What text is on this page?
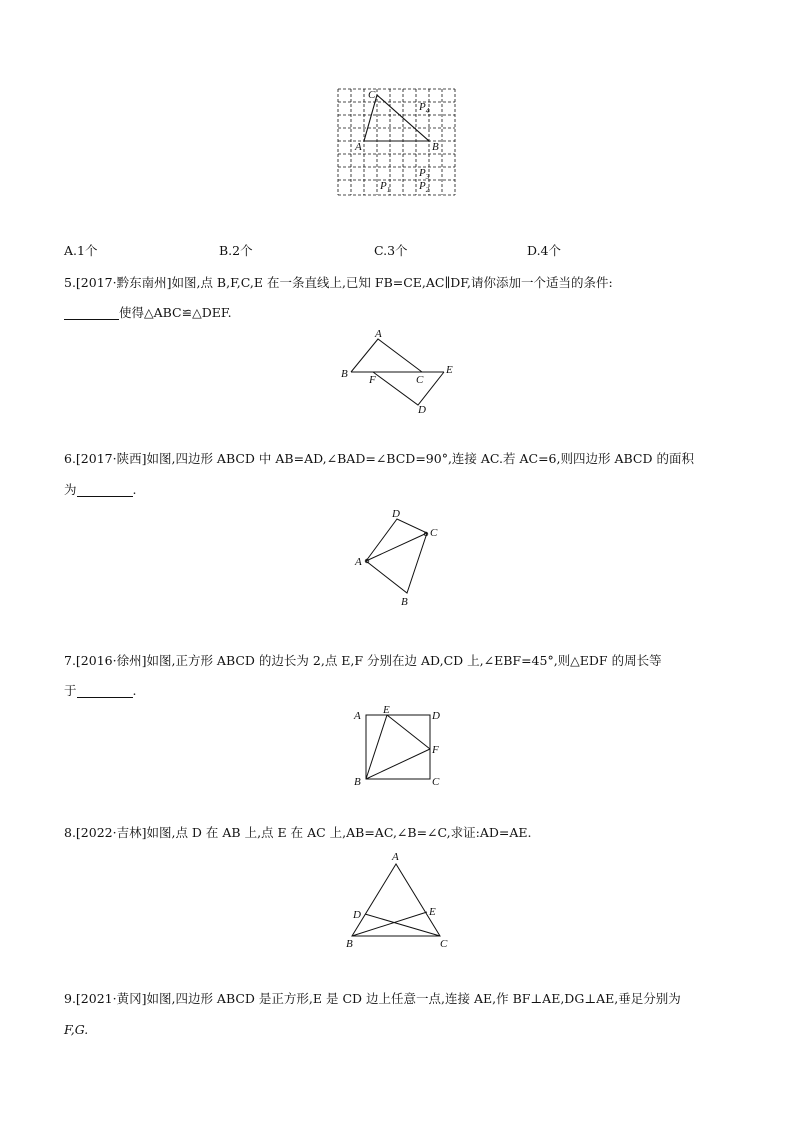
C
A	B
$P_4$
$P_3$
$P_1$	$P_2$
A.1个	B.2个	C.3个	D.4个
5.[2017·黔东南州]如图,点 B,F,C,E 在一条直线上,已知 FB=CE,AC∥DF,请你添加一个适当的条件:
使得△ABC≌△DEF.
A
B F	C
E
D
6.[2017·陕西]如图,四边形 ABCD 中 AB=AD,∠BAD=∠BCD=90°,连接 AC.若 AC=6,则四边形 ABCD 的面积
为	.
D
C
A
B
7.[2016·徐州]如图,正方形 ABCD 的边长为 2,点 E,F 分别在边 AD,CD 上,∠EBF=45°,则△EDF 的周长等
于	.
A E	D
F
B	C
8.[2022·吉林]如图,点 D 在 AB 上,点 E 在 AC 上,AB=AC,∠B=∠C,求证:AD=AE.
A
D	E
B	C
9.[2021·黄冈]如图,四边形 ABCD 是正方形,E 是 CD 边上任意一点,连接 AE,作 BF⊥AE,DG⊥AE,垂足分别为
F,G.
